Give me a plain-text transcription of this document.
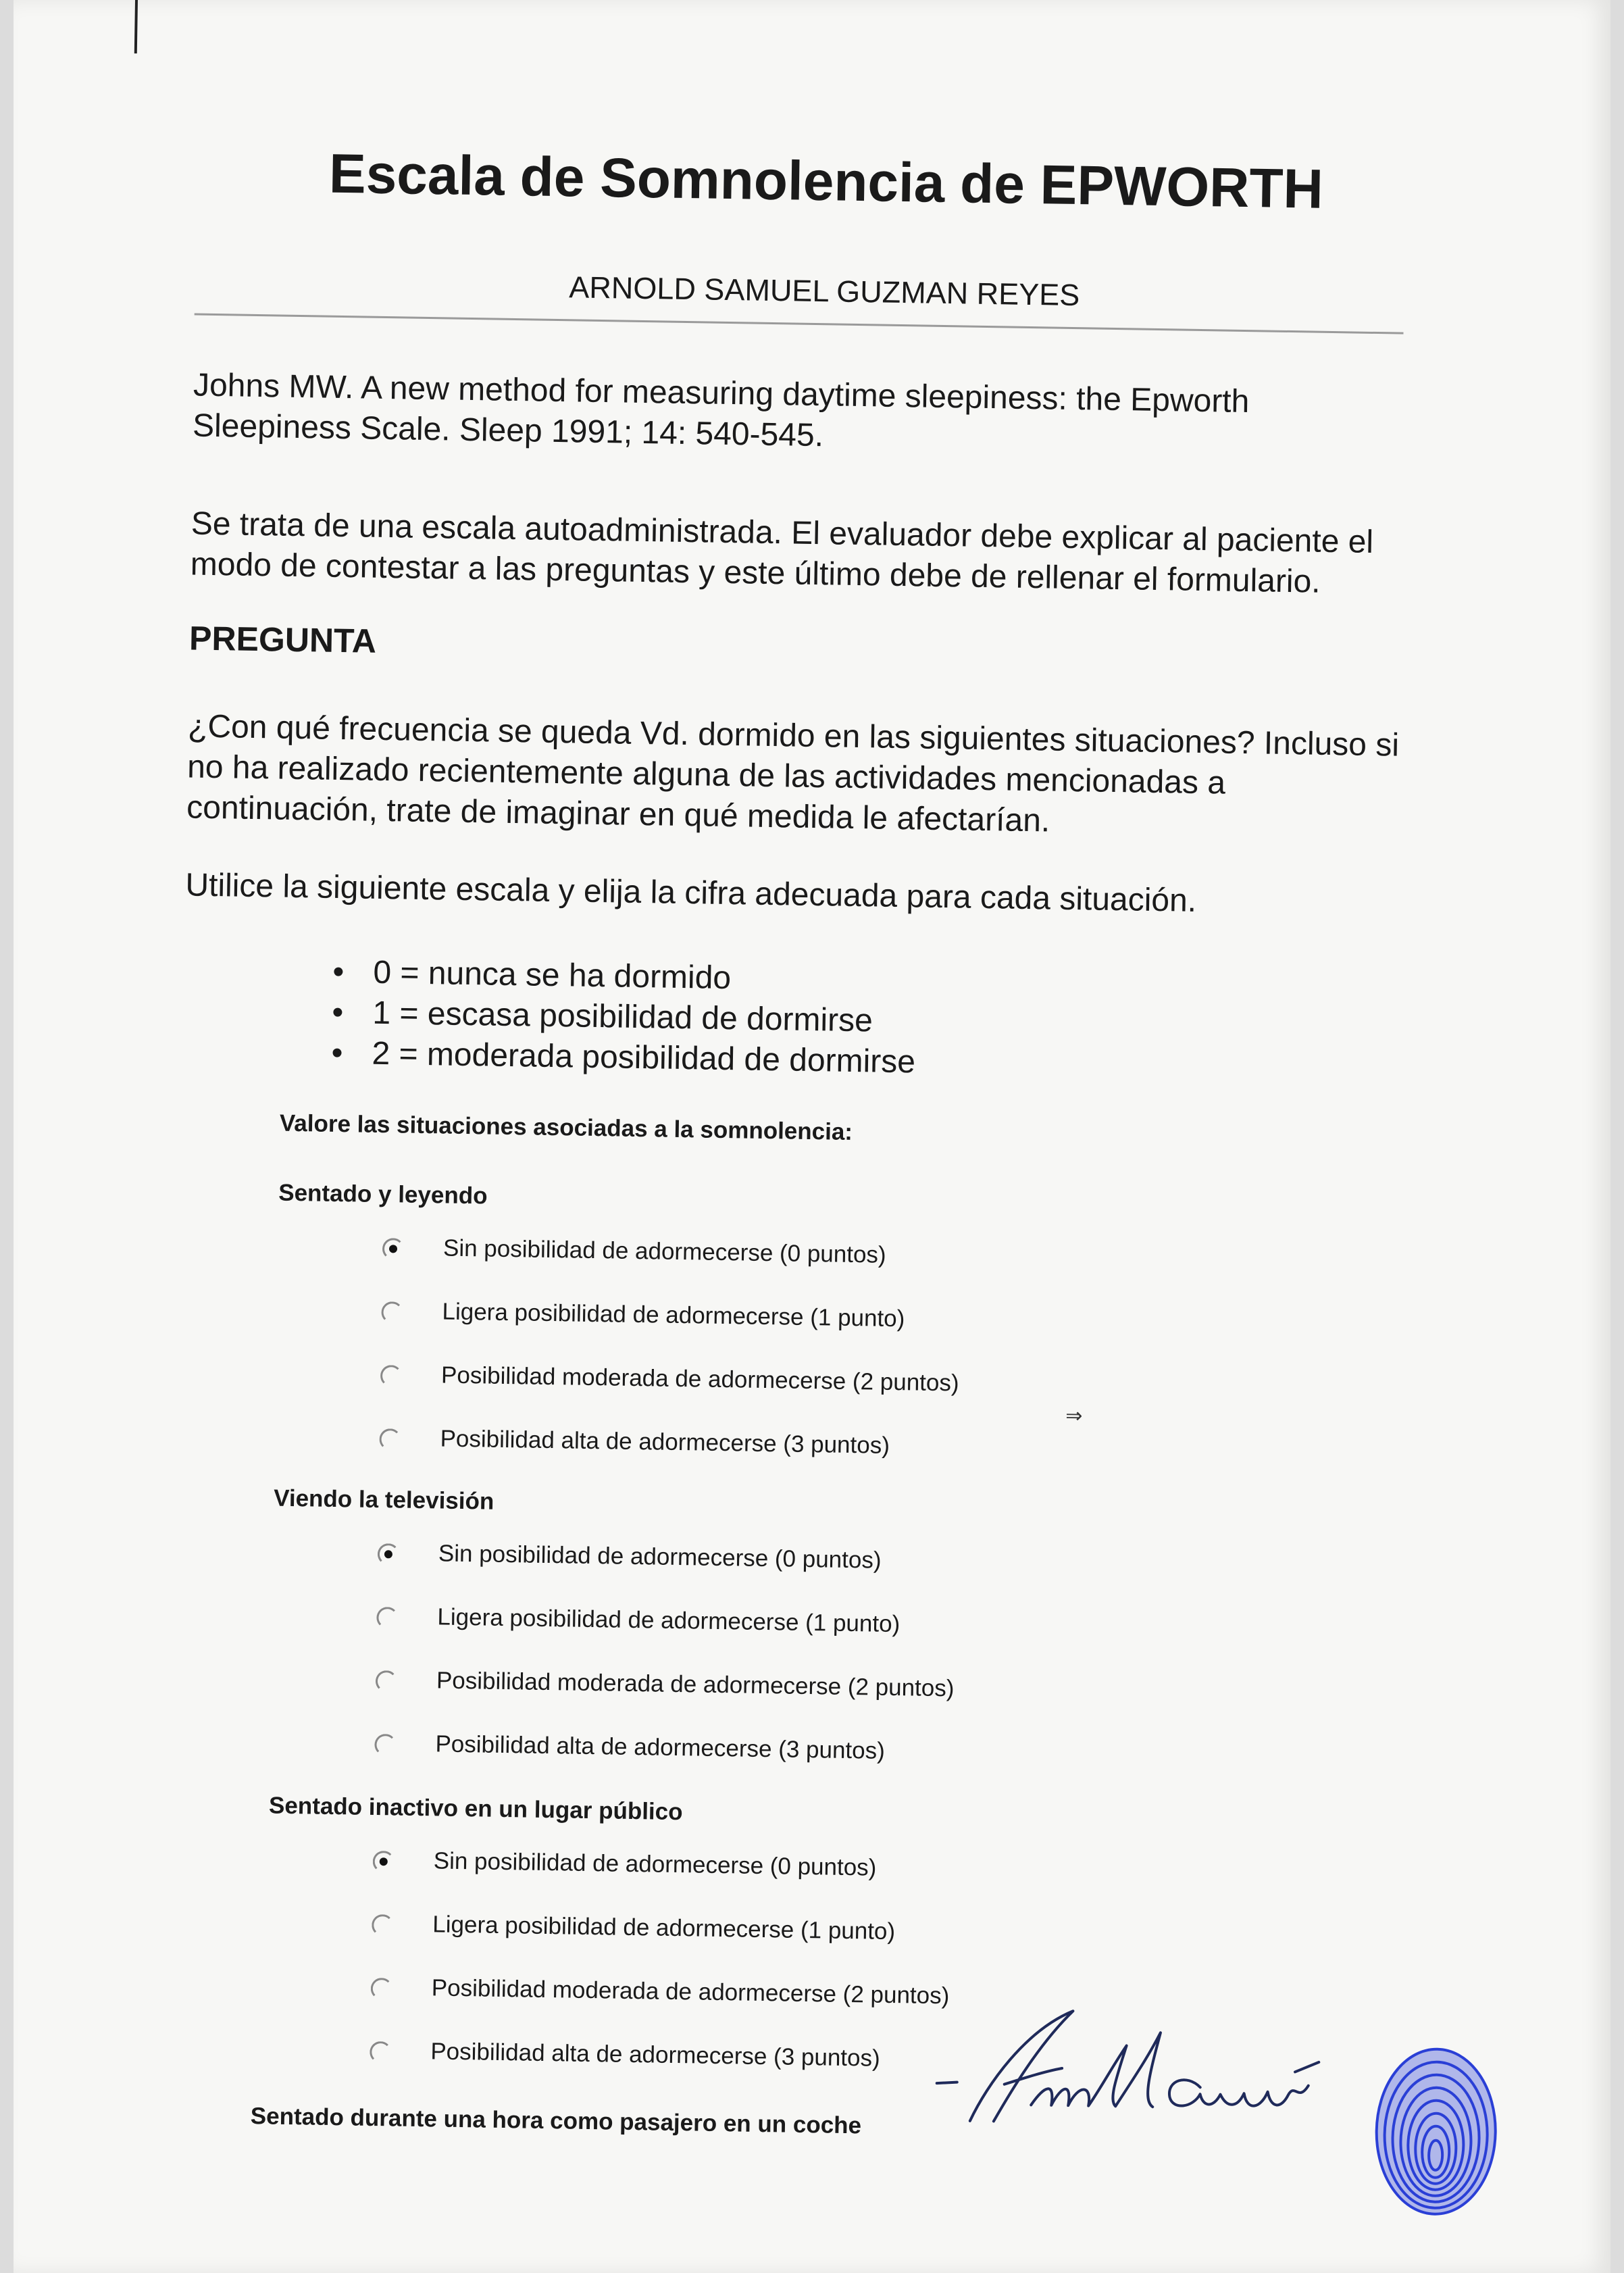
Escala de Somnolencia de EPWORTH
ARNOLD SAMUEL GUZMAN REYES
Johns MW. A new method for measuring daytime sleepiness: the Epworth Sleepiness Scale. Sleep 1991; 14: 540-545.
Se trata de una escala autoadministrada. El evaluador debe explicar al paciente el modo de contestar a las preguntas y este último debe de rellenar el formulario.
PREGUNTA
¿Con qué frecuencia se queda Vd. dormido en las siguientes situaciones? Incluso si no ha realizado recientemente alguna de las actividades mencionadas a continuación, trate de imaginar en qué medida le afectarían.
Utilice la siguiente escala y elija la cifra adecuada para cada situación.
• 0 = nunca se ha dormido
• 1 = escasa posibilidad de dormirse
• 2 = moderada posibilidad de dormirse
Valore las situaciones asociadas a la somnolencia:
Sentado y leyendo
Sin posibilidad de adormecerse (0 puntos)
Ligera posibilidad de adormecerse (1 punto)
Posibilidad moderada de adormecerse (2 puntos)
Posibilidad alta de adormecerse (3 puntos)
⇒
Viendo la televisión
Sin posibilidad de adormecerse (0 puntos)
Ligera posibilidad de adormecerse (1 punto)
Posibilidad moderada de adormecerse (2 puntos)
Posibilidad alta de adormecerse (3 puntos)
Sentado inactivo en un lugar público
Sin posibilidad de adormecerse (0 puntos)
Ligera posibilidad de adormecerse (1 punto)
Posibilidad moderada de adormecerse (2 puntos)
Posibilidad alta de adormecerse (3 puntos)
Sentado durante una hora como pasajero en un coche
